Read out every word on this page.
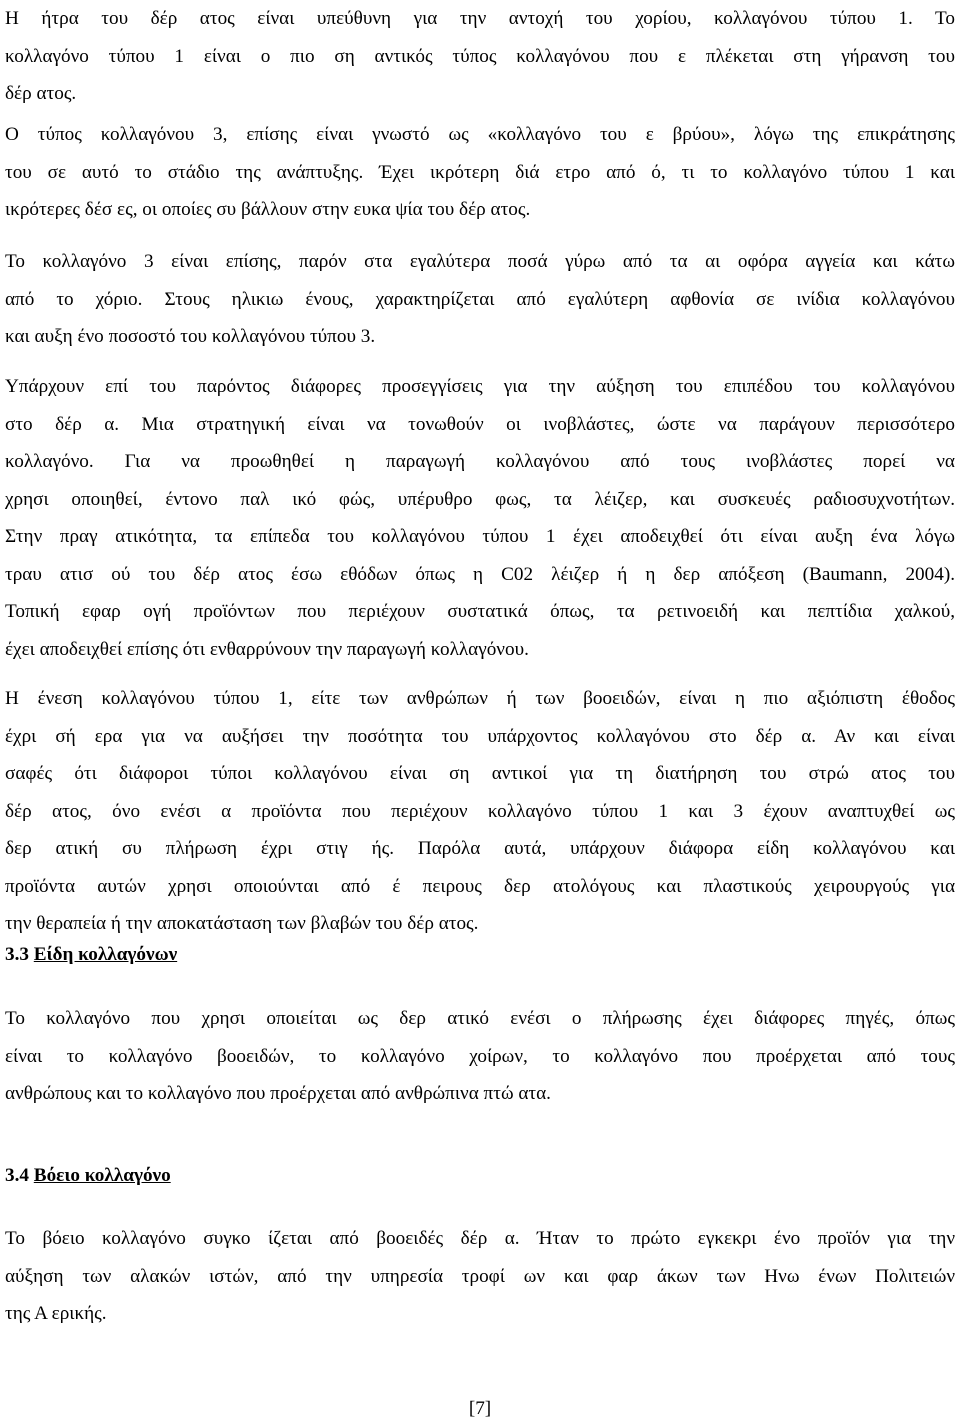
Η ήτρα του δέρ ατος είναι υπεύθυνη για την αντοχή του χορίου, κολλαγόνου τύπου 1. Το
κολλαγόνο τύπου 1 είναι ο πιο ση αντικός τύπος κολλαγόνου που ε πλέκεται στη γήρανση του
δέρ ατος.
Ο τύπος κολλαγόνου 3, επίσης είναι γνωστό ως «κολλαγόνο του ε βρύου», λόγω της επικράτησης
του σε αυτό το στάδιο της ανάπτυξης. Έχει ικρότερη διά ετρο από ό, τι το κολλαγόνο τύπου 1 και
ικρότερες δέσ ες, οι οποίες συ βάλλουν στην ευκα ψία του δέρ ατος.
Το κολλαγόνο 3 είναι επίσης, παρόν στα εγαλύτερα ποσά γύρω από τα αι οφόρα αγγεία και κάτω
από το χόριο. Στους ηλικιω ένους, χαρακτηρίζεται από εγαλύτερη αφθονία σε ινίδια κολλαγόνου
και αυξη ένο ποσοστό του κολλαγόνου τύπου 3.
Υπάρχουν επί του παρόντος διάφορες προσεγγίσεις για την αύξηση του επιπέδου του κολλαγόνου
στο δέρ α. Μια στρατηγική είναι να τονωθούν οι ινοβλάστες, ώστε να παράγουν περισσότερο
κολλαγόνο. Για να προωθηθεί η παραγωγή κολλαγόνου από τους ινοβλάστες πορεί να
χρησι οποιηθεί, έντονο παλ ικό φώς, υπέρυθρο φως, τα λέιζερ, και συσκευές ραδιοσυχνοτήτων.
Στην πραγ ατικότητα, τα επίπεδα του κολλαγόνου τύπου 1 έχει αποδειχθεί ότι είναι αυξη ένα λόγω
τραυ ατισ ού του δέρ ατος έσω εθόδων όπως η C02 λέιζερ ή η δερ απόξεση (Baumann, 2004).
Τοπική εφαρ ογή προϊόντων που περιέχουν συστατικά όπως, τα ρετινοειδή και πεπτίδια χαλκού,
έχει αποδειχθεί επίσης ότι ενθαρρύνουν την παραγωγή κολλαγόνου.
Η ένεση κολλαγόνου τύπου 1, είτε των ανθρώπων ή των βοοειδών, είναι η πιο αξιόπιστη έθοδος
έχρι σή ερα για να αυξήσει την ποσότητα του υπάρχοντος κολλαγόνου στο δέρ α. Αν και είναι
σαφές ότι διάφοροι τύποι κολλαγόνου είναι ση αντικοί για τη διατήρηση του στρώ ατος του
δέρ ατος, όνο ενέσι α προϊόντα που περιέχουν κολλαγόνο τύπου 1 και 3 έχουν αναπτυχθεί ως
δερ ατική συ πλήρωση έχρι στιγ ής. Παρόλα αυτά, υπάρχουν διάφορα είδη κολλαγόνου και
προϊόντα αυτών χρησι οποιούνται από έ πειρους δερ ατολόγους και πλαστικούς χειρουργούς για
την θεραπεία ή την αποκατάσταση των βλαβών του δέρ ατος.
3.3 Είδη κολλαγόνων
Το κολλαγόνο που χρησι οποιείται ως δερ ατικό ενέσι ο πλήρωσης έχει διάφορες πηγές, όπως
είναι το κολλαγόνο βοοειδών, το κολλαγόνο χοίρων, το κολλαγόνο που προέρχεται από τους
ανθρώπους και το κολλαγόνο που προέρχεται από ανθρώπινα πτώ ατα.
3.4 Βόειο κολλαγόνο
Το βόειο κολλαγόνο συγκο ίζεται από βοοειδές δέρ α. Ήταν το πρώτο εγκεκρι ένο προϊόν για την
αύξηση των αλακών ιστών, από την υπηρεσία τροφί ων και φαρ άκων των Ηνω ένων Πολιτειών
της Α ερικής.
[7]
